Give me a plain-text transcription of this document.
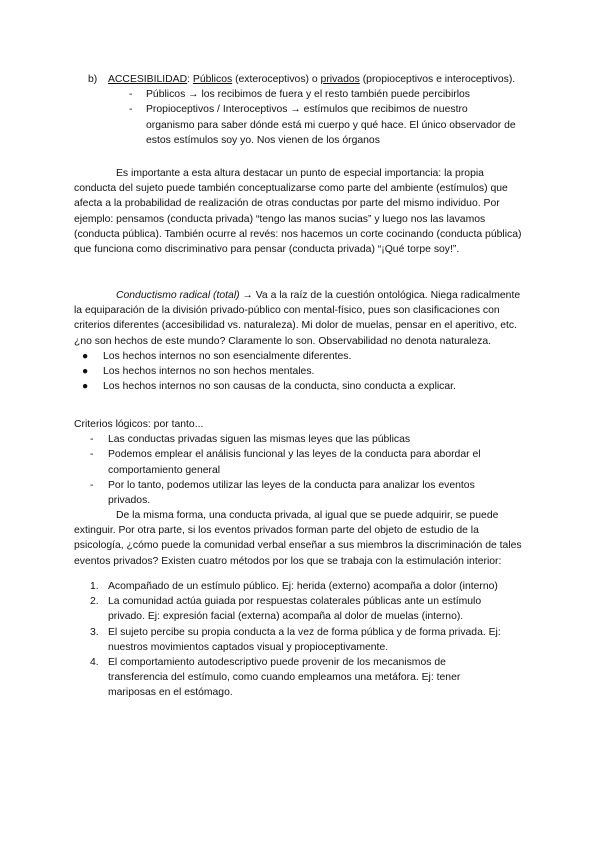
b) ACCESIBILIDAD: Públicos (exteroceptivos) o privados (propioceptivos e interoceptivos).
- Públicos → los recibimos de fuera y el resto también puede percibirlos
- Propioceptivos / Interoceptivos → estímulos que recibimos de nuestro organismo para saber dónde está mi cuerpo y qué hace. El único observador de estos estímulos soy yo. Nos vienen de los órganos

Es importante a esta altura destacar un punto de especial importancia: la propia conducta del sujeto puede también conceptualizarse como parte del ambiente (estímulos) que afecta a la probabilidad de realización de otras conductas por parte del mismo individuo. Por ejemplo: pensamos (conducta privada) “tengo las manos sucias” y luego nos las lavamos (conducta pública). También ocurre al revés: nos hacemos un corte cocinando (conducta pública) que funciona como discriminativo para pensar (conducta privada) “¡Qué torpe soy!”.

Conductismo radical (total) → Va a la raíz de la cuestión ontológica. Niega radicalmente la equiparación de la división privado-público con mental-físico, pues son clasificaciones con criterios diferentes (accesibilidad vs. naturaleza). Mi dolor de muelas, pensar en el aperitivo, etc. ¿no son hechos de este mundo? Claramente lo son. Observabilidad no denota naturaleza.

● Los hechos internos no son esencialmente diferentes.
● Los hechos internos no son hechos mentales.
● Los hechos internos no son causas de la conducta, sino conducta a explicar.

Criterios lógicos: por tanto...

- Las conductas privadas siguen las mismas leyes que las públicas
- Podemos emplear el análisis funcional y las leyes de la conducta para abordar el comportamiento general
- Por lo tanto, podemos utilizar las leyes de la conducta para analizar los eventos privados.

De la misma forma, una conducta privada, al igual que se puede adquirir, se puede extinguir. Por otra parte, si los eventos privados forman parte del objeto de estudio de la psicología, ¿cómo puede la comunidad verbal enseñar a sus miembros la discriminación de tales eventos privados? Existen cuatro métodos por los que se trabaja con la estimulación interior:

1. Acompañado de un estímulo público. Ej: herida (externo) acompaña a dolor (interno)
2. La comunidad actúa guiada por respuestas colaterales públicas ante un estímulo privado. Ej: expresión facial (externa) acompaña al dolor de muelas (interno).
3. El sujeto percibe su propia conducta a la vez de forma pública y de forma privada. Ej: nuestros movimientos captados visual y propioceptivamente.
4. El comportamiento autodescriptivo puede provenir de los mecanismos de transferencia del estímulo, como cuando empleamos una metáfora. Ej: tener mariposas en el estómago.
